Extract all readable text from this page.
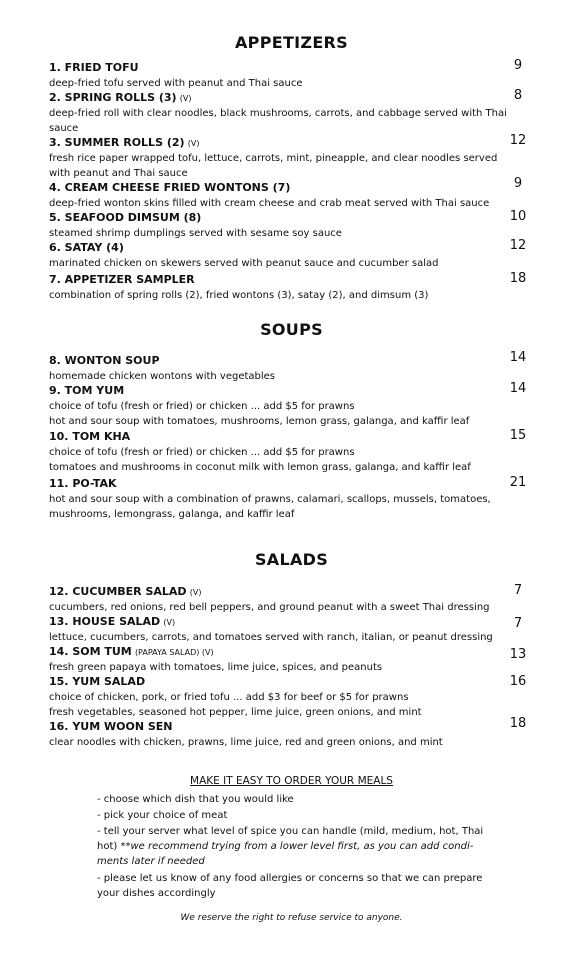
APPETIZERS
1. FRIED TOFU
deep-fried tofu served with peanut and Thai sauce
9
2. SPRING ROLLS (3) (V)
deep-fried roll with clear noodles, black mushrooms, carrots, and cabbage served with Thai
sauce
8
3. SUMMER ROLLS (2) (V)
fresh rice paper wrapped tofu, lettuce, carrots, mint, pineapple, and clear noodles served
with peanut and Thai sauce
12
4. CREAM CHEESE FRIED WONTONS (7)
deep-fried wonton skins filled with cream cheese and crab meat served with Thai sauce
9
5. SEAFOOD DIMSUM (8)
steamed shrimp dumplings served with sesame soy sauce
10
6. SATAY (4)
marinated chicken on skewers served with peanut sauce and cucumber salad
12
7. APPETIZER SAMPLER
combination of spring rolls (2), fried wontons (3), satay (2), and dimsum (3)
18
SOUPS
8. WONTON SOUP
homemade chicken wontons with vegetables
14
9. TOM YUM
choice of tofu (fresh or fried) or chicken ... add $5 for prawns
hot and sour soup with tomatoes, mushrooms, lemon grass, galanga, and kaffir leaf
14
10. TOM KHA
choice of tofu (fresh or fried) or chicken ... add $5 for prawns
tomatoes and mushrooms in coconut milk with lemon grass, galanga, and kaffir leaf
15
11. PO-TAK
hot and sour soup with a combination of prawns, calamari, scallops, mussels, tomatoes,
mushrooms, lemongrass, galanga, and kaffir leaf
21
SALADS
12. CUCUMBER SALAD (V)
cucumbers, red onions, red bell peppers, and ground peanut with a sweet Thai dressing
7
13. HOUSE SALAD (V)
lettuce, cucumbers, carrots, and tomatoes served with ranch, italian, or peanut dressing
7
14. SOM TUM (PAPAYA SALAD) (V)
fresh green papaya with tomatoes, lime juice, spices, and peanuts
13
15. YUM SALAD
choice of chicken, pork, or fried tofu ... add $3 for beef or $5 for prawns
fresh vegetables, seasoned hot pepper, lime juice, green onions, and mint
16
16. YUM WOON SEN
clear noodles with chicken, prawns, lime juice, red and green onions, and mint
18
MAKE IT EASY TO ORDER YOUR MEALS
- choose which dish that you would like
- pick your choice of meat
- tell your server what level of spice you can handle (mild, medium, hot, Thai
hot) **we recommend trying from a lower level first, as you can add condi-
ments later if needed
- please let us know of any food allergies or concerns so that we can prepare
your dishes accordingly
We reserve the right to refuse service to anyone.
